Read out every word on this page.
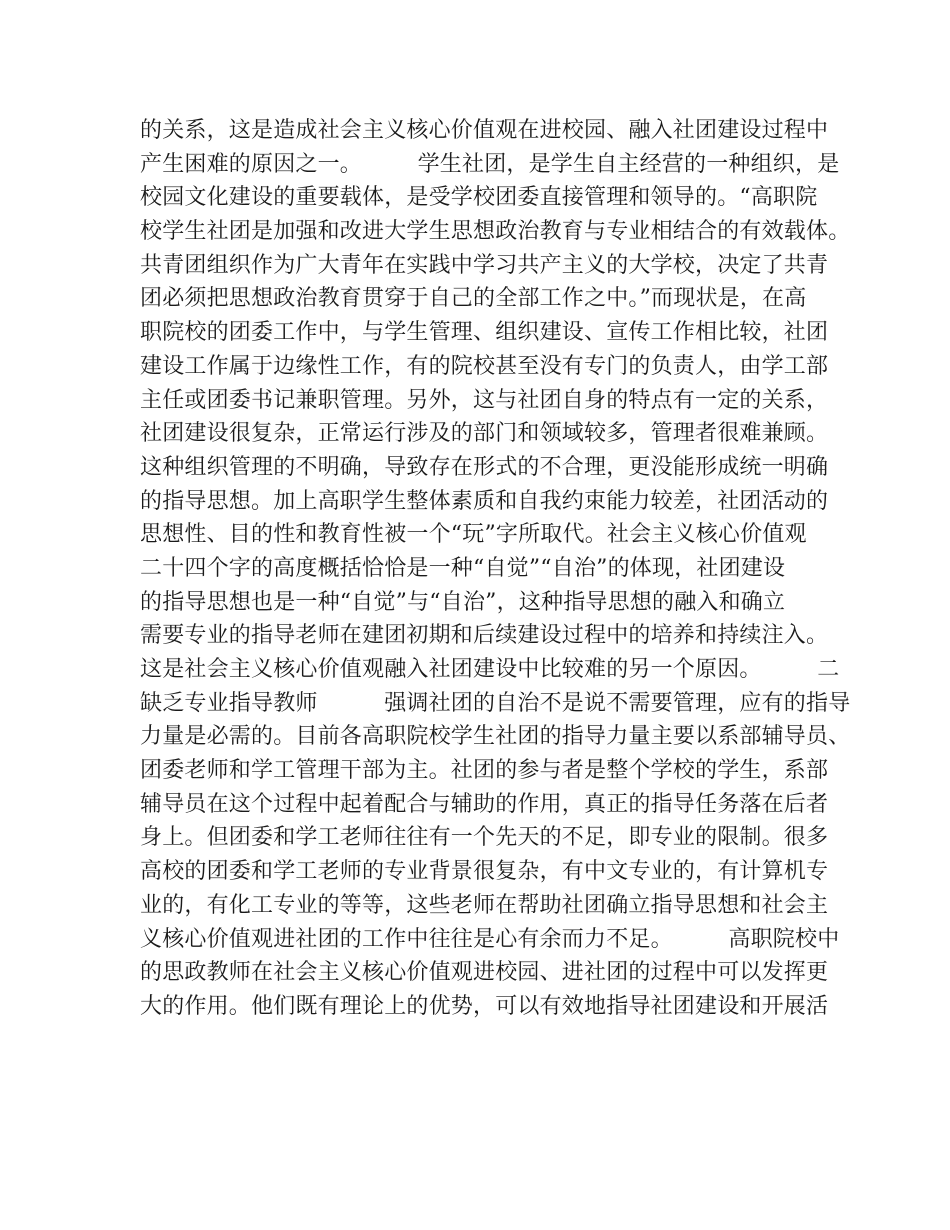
的关系，这是造成社会主义核心价值观在进校园、融入社团建设过程中
产生困难的原因之一。　　　学生社团，是学生自主经营的一种组织，是
校园文化建设的重要载体，是受学校团委直接管理和领导的。“高职院
校学生社团是加强和改进大学生思想政治教育与专业相结合的有效载体。
共青团组织作为广大青年在实践中学习共产主义的大学校，决定了共青
团必须把思想政治教育贯穿于自己的全部工作之中。”而现状是，在高
职院校的团委工作中，与学生管理、组织建设、宣传工作相比较，社团
建设工作属于边缘性工作，有的院校甚至没有专门的负责人，由学工部
主任或团委书记兼职管理。另外，这与社团自身的特点有一定的关系，
社团建设很复杂，正常运行涉及的部门和领域较多，管理者很难兼顾。
这种组织管理的不明确，导致存在形式的不合理，更没能形成统一明确
的指导思想。加上高职学生整体素质和自我约束能力较差，社团活动的
思想性、目的性和教育性被一个“玩”字所取代。社会主义核心价值观
二十四个字的高度概括恰恰是一种“自觉”“自治”的体现，社团建设
的指导思想也是一种“自觉”与“自治”，这种指导思想的融入和确立
需要专业的指导老师在建团初期和后续建设过程中的培养和持续注入。
这是社会主义核心价值观融入社团建设中比较难的另一个原因。　　　二
缺乏专业指导教师　　　强调社团的自治不是说不需要管理，应有的指导
力量是必需的。目前各高职院校学生社团的指导力量主要以系部辅导员、
团委老师和学工管理干部为主。社团的参与者是整个学校的学生，系部
辅导员在这个过程中起着配合与辅助的作用，真正的指导任务落在后者
身上。但团委和学工老师往往有一个先天的不足，即专业的限制。很多
高校的团委和学工老师的专业背景很复杂，有中文专业的，有计算机专
业的，有化工专业的等等，这些老师在帮助社团确立指导思想和社会主
义核心价值观进社团的工作中往往是心有余而力不足。　　　高职院校中
的思政教师在社会主义核心价值观进校园、进社团的过程中可以发挥更
大的作用。他们既有理论上的优势，可以有效地指导社团建设和开展活
